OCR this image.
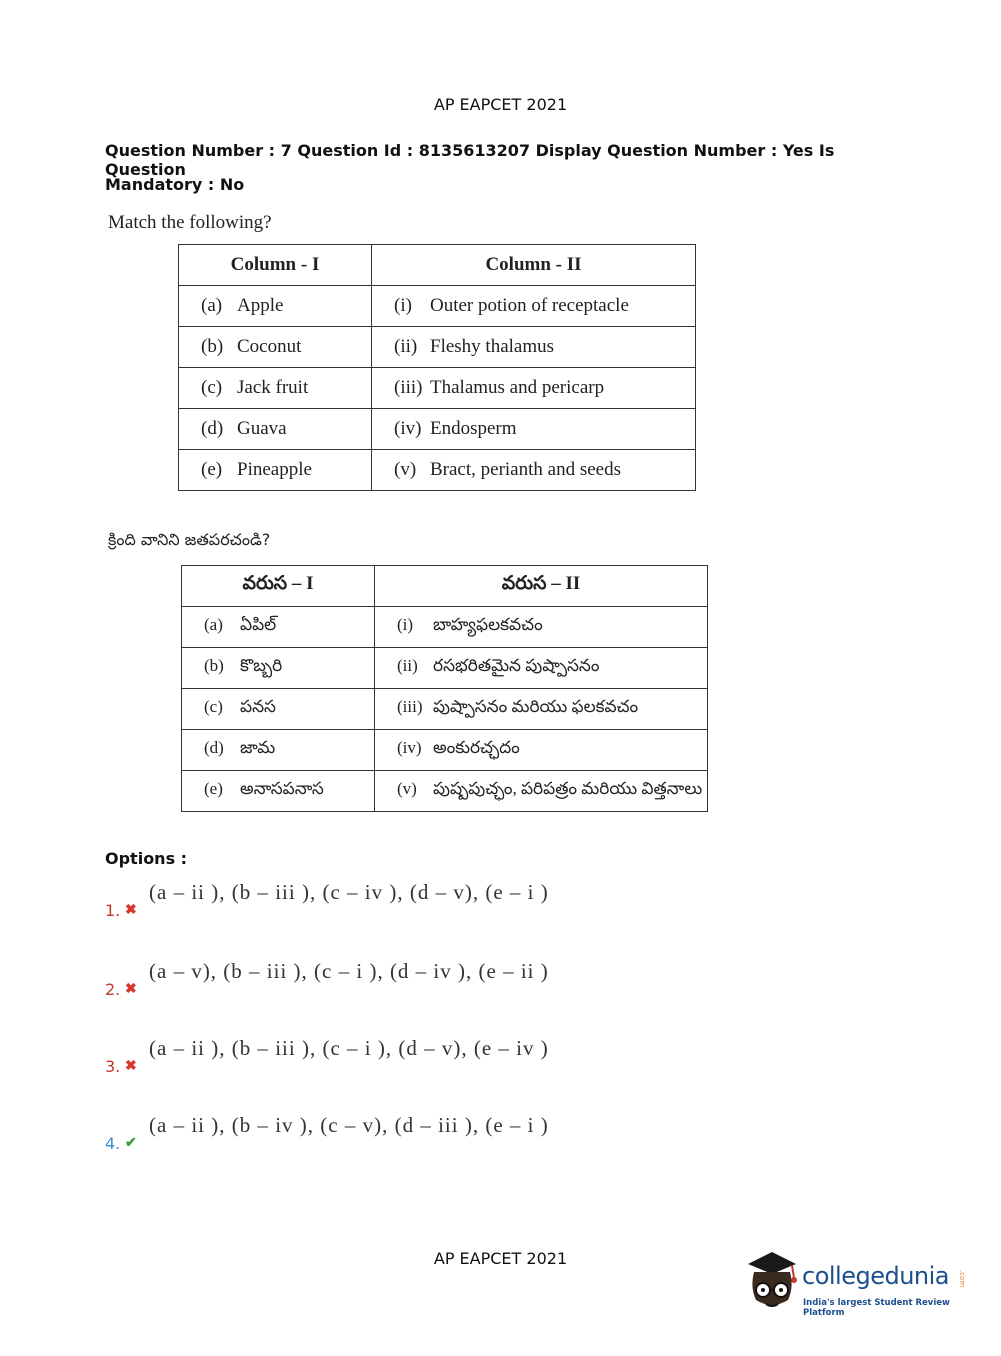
AP EAPCET 2021
Question Number : 7 Question Id : 8135613207 Display Question Number : Yes Is Question
Mandatory : No
Match the following?
Column - I	Column - II
(a) Apple	(i) Outer potion of receptacle
(b) Coconut	(ii) Fleshy thalamus
(c) Jack fruit	(iii) Thalamus and pericarp
(d) Guava	(iv) Endosperm
(e) Pineapple	(v) Bract, perianth and seeds
క్రింది వానిని జతపరచండి?
వరుస – I	వరుస – II
(a) ఏపిల్	(i) బాహ్యఫలకవచం
(b) కొబ్బరి	(ii) రసభరితమైన పుష్పాసనం
(c) పనస	(iii) పుష్పాసనం మరియు ఫలకవచం
(d) జామ	(iv) అంకురచ్ఛదం
(e) అనాసపనాస	(v) పుష్పపుచ్ఛం, పరిపత్రం మరియు విత్తనాలు
Options :
1. ✖
(a – ii ), (b – iii ), (c – iv ), (d – v), (e – i )
2. ✖
(a – v), (b – iii ), (c – i ), (d – iv ), (e – ii )
3. ✖
(a – ii ), (b – iii ), (c – i ), (d – v), (e – iv )
4. ✔
(a – ii ), (b – iv ), (c – v), (d – iii ), (e – i )
AP EAPCET 2021
collegedunia .com
India's largest Student Review Platform
